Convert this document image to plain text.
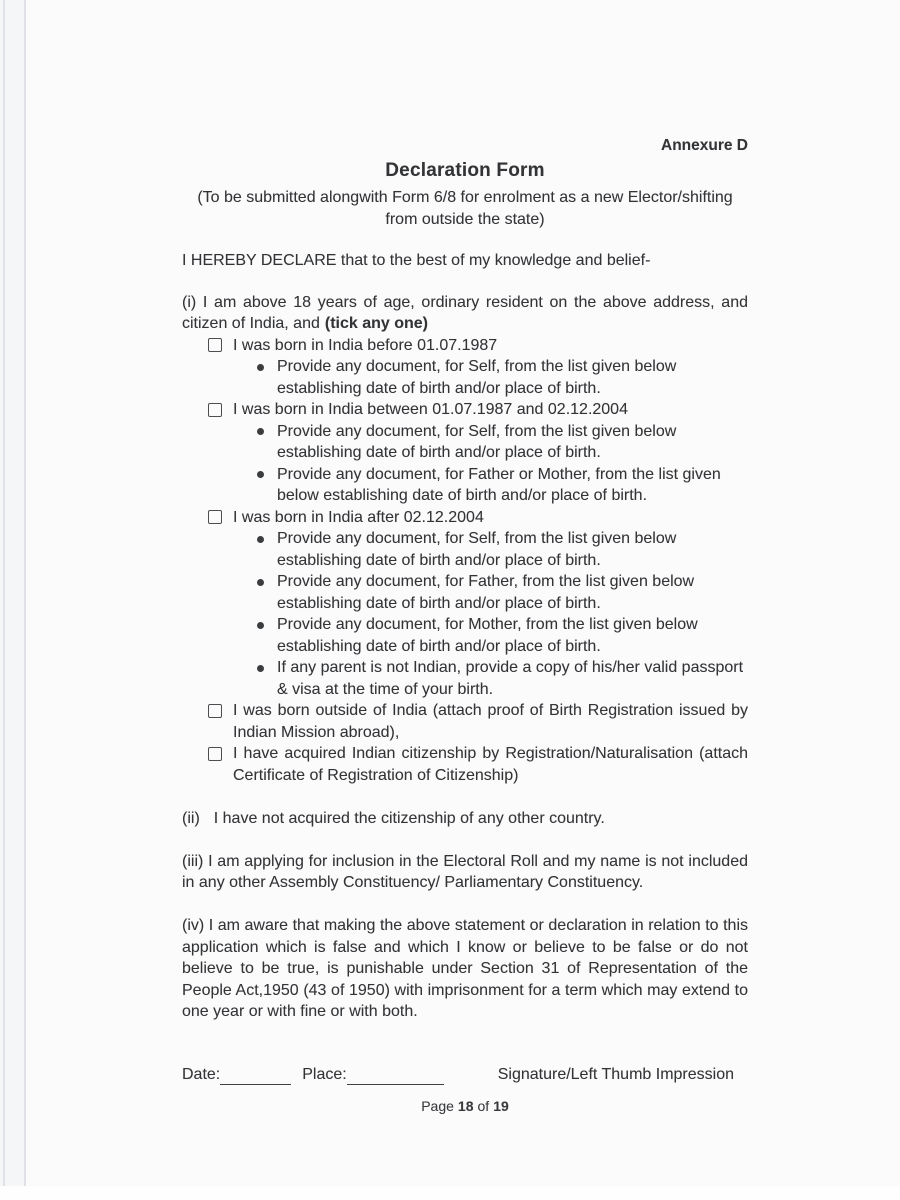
Annexure D
Declaration Form
(To be submitted alongwith Form 6/8 for enrolment as a new Elector/shifting
from outside the state)
I HEREBY DECLARE that to the best of my knowledge and belief-
(i) I am above 18 years of age, ordinary resident on the above address, and citizen of India, and (tick any one)
I was born in India before 01.07.1987
Provide any document, for Self, from the list given below establishing date of birth and/or place of birth.
I was born in India between 01.07.1987 and 02.12.2004
Provide any document, for Self, from the list given below establishing date of birth and/or place of birth.
Provide any document, for Father or Mother, from the list given below establishing date of birth and/or place of birth.
I was born in India after 02.12.2004
Provide any document, for Self, from the list given below establishing date of birth and/or place of birth.
Provide any document, for Father, from the list given below establishing date of birth and/or place of birth.
Provide any document, for Mother, from the list given below establishing date of birth and/or place of birth.
If any parent is not Indian, provide a copy of his/her valid passport & visa at the time of your birth.
I was born outside of India (attach proof of Birth Registration issued by Indian Mission abroad),
I have acquired Indian citizenship by Registration/Naturalisation (attach Certificate of Registration of Citizenship)
(ii) I have not acquired the citizenship of any other country.
(iii) I am applying for inclusion in the Electoral Roll and my name is not included in any other Assembly Constituency/ Parliamentary Constituency.
(iv) I am aware that making the above statement or declaration in relation to this application which is false and which I know or believe to be false or do not believe to be true, is punishable under Section 31 of Representation of the People Act,1950 (43 of 1950) with imprisonment for a term which may extend to one year or with fine or with both.
Date:	Place:	Signature/Left Thumb Impression
Page 18 of 19
